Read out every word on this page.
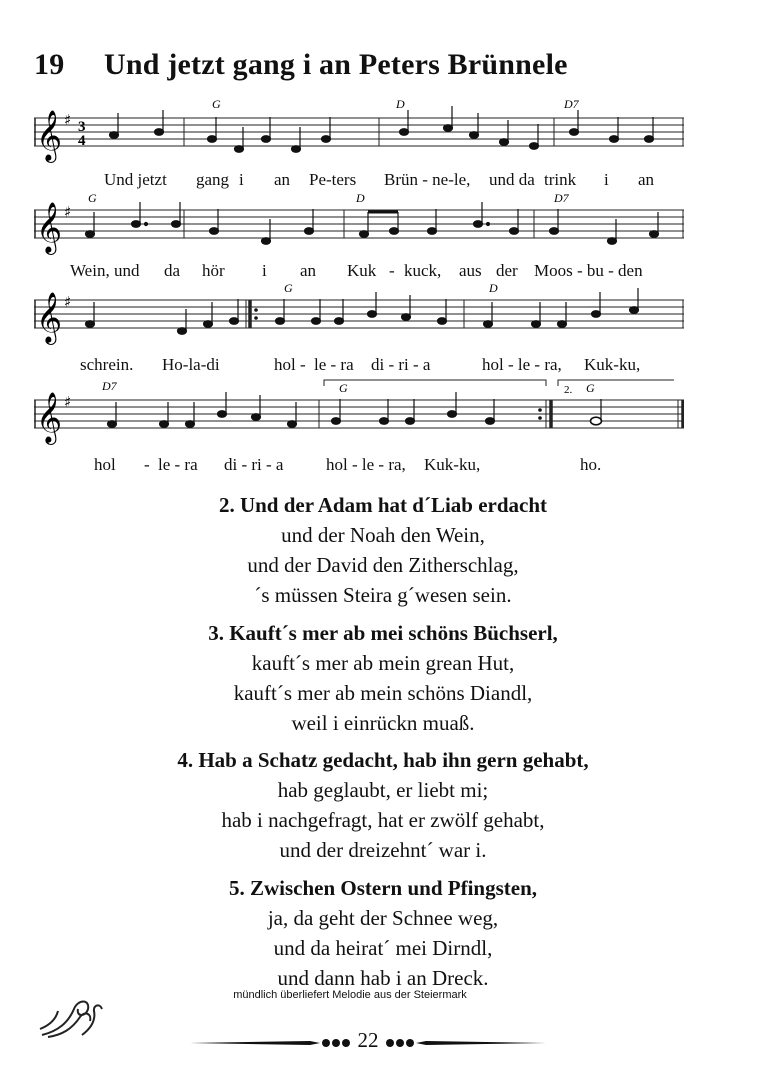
19 Und jetzt gang i an Peters Brünnele
𝄞 ♯ 3
4
G	D	D7
Und jetzt gang i an Pe-ters Brün - ne-le, und da trink i an
𝄞 ♯
G	D	D7
Wein, und da hör i an Kuk - kuck, aus der Moos - bu - den
𝄞 ♯
G	D
schrein. Ho-la-di	hol - le - ra di - ri - a	hol - le - ra, Kuk-ku,
𝄞 ♯
D7	G	2. G
hol - le - ra di - ri - a	hol - le - ra, Kuk-ku,	ho.
2. Und der Adam hat d´Liab erdacht
und der Noah den Wein,
und der David den Zitherschlag,
´s müssen Steira g´wesen sein.
3. Kauft´s mer ab mei schöns Büchserl,
kauft´s mer ab mein grean Hut,
kauft´s mer ab mein schöns Diandl,
weil i einrückn muaß.
4. Hab a Schatz gedacht, hab ihn gern gehabt,
hab geglaubt, er liebt mi;
hab i nachgefragt, hat er zwölf gehabt,
und der dreizehnt´ war i.
5. Zwischen Ostern und Pfingsten,
ja, da geht der Schnee weg,
und da heirat´ mei Dirndl,
und dann hab i an Dreck.
mündlich überliefert Melodie aus der Steiermark
22
